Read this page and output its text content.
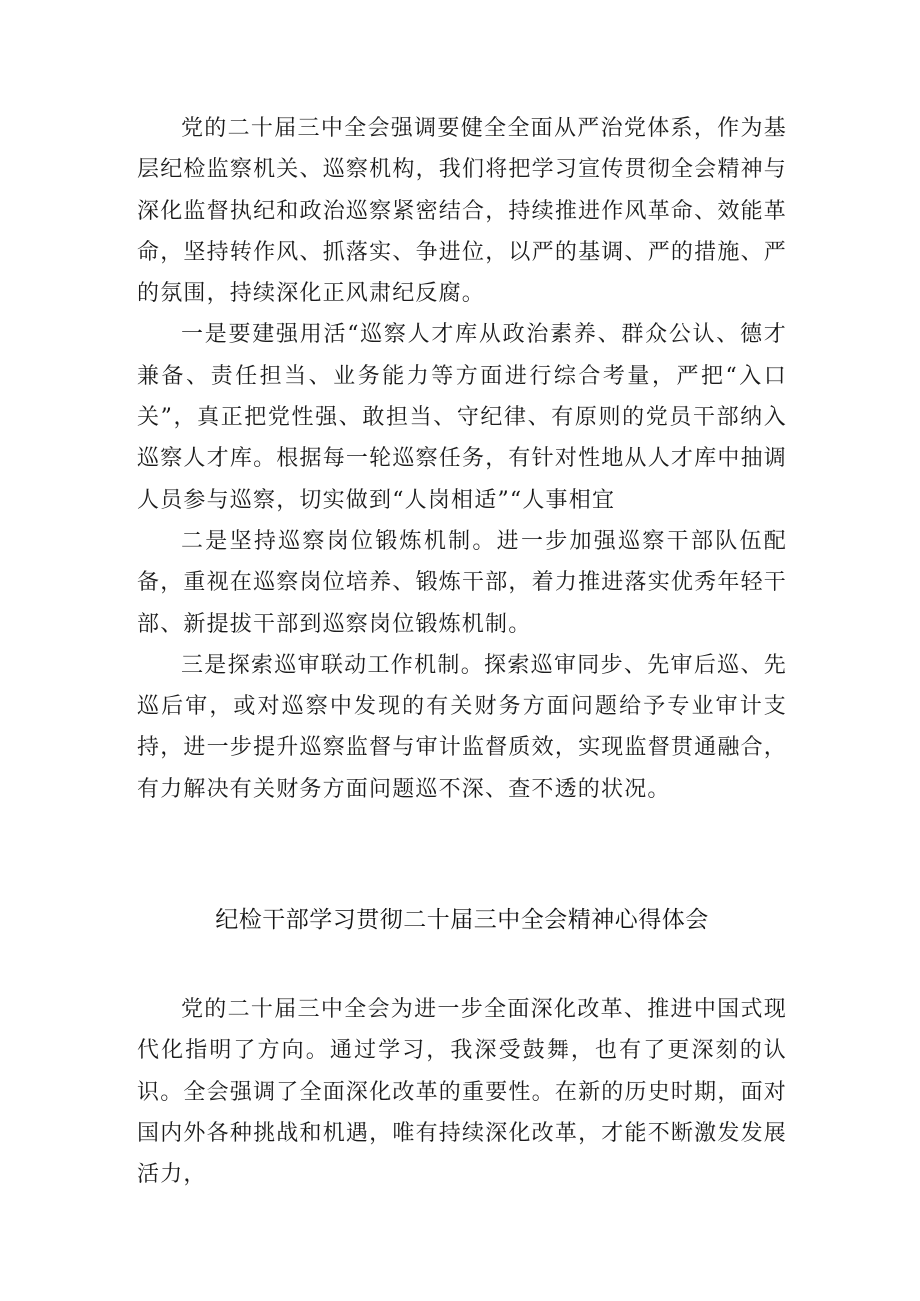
党的二十届三中全会强调要健全全面从严治党体系，作为基层纪检监察机关、巡察机构，我们将把学习宣传贯彻全会精神与深化监督执纪和政治巡察紧密结合，持续推进作风革命、效能革命，坚持转作风、抓落实、争进位，以严的基调、严的措施、严的氛围，持续深化正风肃纪反腐。

一是要建强用活“巡察人才库从政治素养、群众公认、德才兼备、责任担当、业务能力等方面进行综合考量，严把“入口关”，真正把党性强、敢担当、守纪律、有原则的党员干部纳入巡察人才库。根据每一轮巡察任务，有针对性地从人才库中抽调人员参与巡察，切实做到“人岗相适”“人事相宜

二是坚持巡察岗位锻炼机制。进一步加强巡察干部队伍配备，重视在巡察岗位培养、锻炼干部，着力推进落实优秀年轻干部、新提拔干部到巡察岗位锻炼机制。

三是探索巡审联动工作机制。探索巡审同步、先审后巡、先巡后审，或对巡察中发现的有关财务方面问题给予专业审计支持，进一步提升巡察监督与审计监督质效，实现监督贯通融合，有力解决有关财务方面问题巡不深、查不透的状况。

纪检干部学习贯彻二十届三中全会精神心得体会

党的二十届三中全会为进一步全面深化改革、推进中国式现代化指明了方向。通过学习，我深受鼓舞，也有了更深刻的认识。全会强调了全面深化改革的重要性。在新的历史时期，面对国内外各种挑战和机遇，唯有持续深化改革，才能不断激发发展活力，
